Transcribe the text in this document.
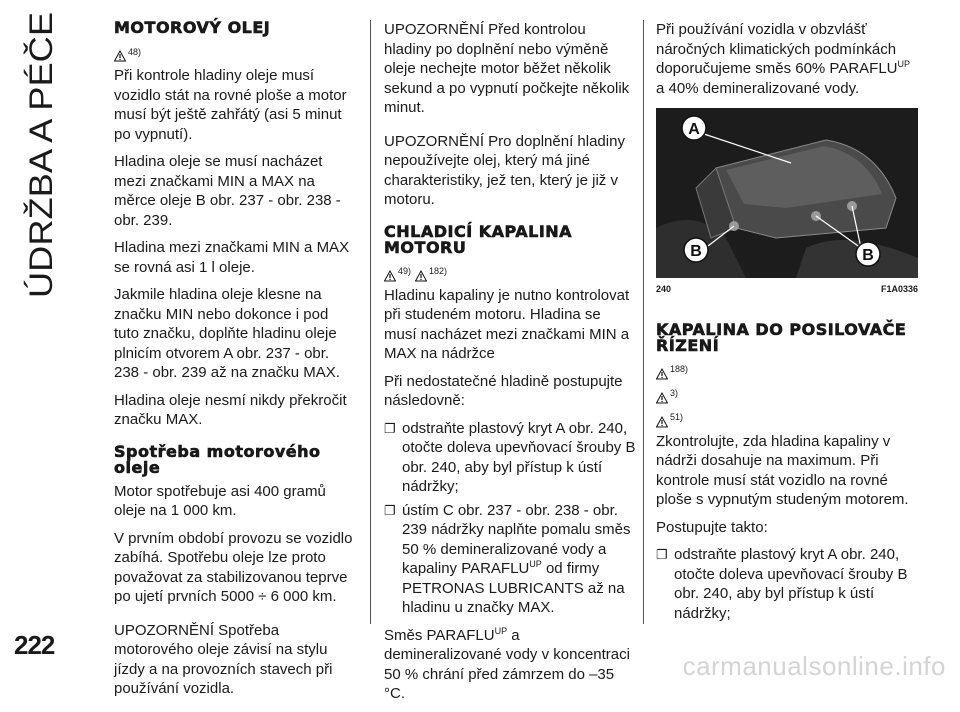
ÚDRŽBA A PÉČE
MOTOROVÝ OLEJ
48)

Při kontrole hladiny oleje musí vozidlo stát na rovné ploše a motor musí být ještě zahřátý (asi 5 minut po vypnutí).

Hladina oleje se musí nacházet mezi značkami MIN a MAX na měrce oleje B obr. 237 - obr. 238 - obr. 239.

Hladina mezi značkami MIN a MAX se rovná asi 1 l oleje.

Jakmile hladina oleje klesne na značku MIN nebo dokonce i pod tuto značku, doplňte hladinu oleje plnicím otvorem A obr. 237 - obr. 238 - obr. 239 až na značku MAX.

Hladina oleje nesmí nikdy překročit značku MAX.

Spotřeba motorového oleje

Motor spotřebuje asi 400 gramů oleje na 1 000 km.

V prvním období provozu se vozidlo zabíhá. Spotřebu oleje lze proto považovat za stabilizovanou teprve po ujetí prvních 5000 ÷ 6 000 km.

UPOZORNĚNÍ Spotřeba motorového oleje závisí na stylu jízdy a na provozních stavech při používání vozidla.

UPOZORNĚNÍ Před kontrolou hladiny po doplnění nebo výměně oleje nechejte motor běžet několik sekund a po vypnutí počkejte několik minut.

UPOZORNĚNÍ Pro doplnění hladiny nepoužívejte olej, který má jiné charakteristiky, jež ten, který je již v motoru.

CHLADICÍ KAPALINA MOTORU
49) 182)

Hladinu kapaliny je nutno kontrolovat při studeném motoru. Hladina se musí nacházet mezi značkami MIN a MAX na nádržce

Při nedostatečné hladině postupujte následovně:

❐ odstraňte plastový kryt A obr. 240, otočte doleva upevňovací šrouby B obr. 240, aby byl přístup k ústí nádržky;
❐ ústím C obr. 237 - obr. 238 - obr. 239 nádržky naplňte pomalu směs 50 % demineralizované vody a kapaliny $PARAFLU^{UP}$ od firmy PETRONAS LUBRICANTS až na hladinu u značky MAX.

Směs $PARAFLU^{UP}$ a demineralizované vody v koncentraci 50 % chrání před zámrzem do –35 °C.

Při používání vozidla v obzvlášť náročných klimatických podmínkách doporučujeme směs 60% $PARAFLU^{UP}$ a 40% demineralizované vody.

A
B	B
240	F1A0336
KAPALINA DO POSILOVAČE ŘÍZENÍ
188)
3)
51)

Zkontrolujte, zda hladina kapaliny v nádrži dosahuje na maximum. Při kontrole musí stát vozidlo na rovné ploše s vypnutým studeným motorem.

Postupujte takto:

❐ odstraňte plastový kryt A obr. 240, otočte doleva upevňovací šrouby B obr. 240, aby byl přístup k ústí nádržky;
222
carmanualsonline.info
